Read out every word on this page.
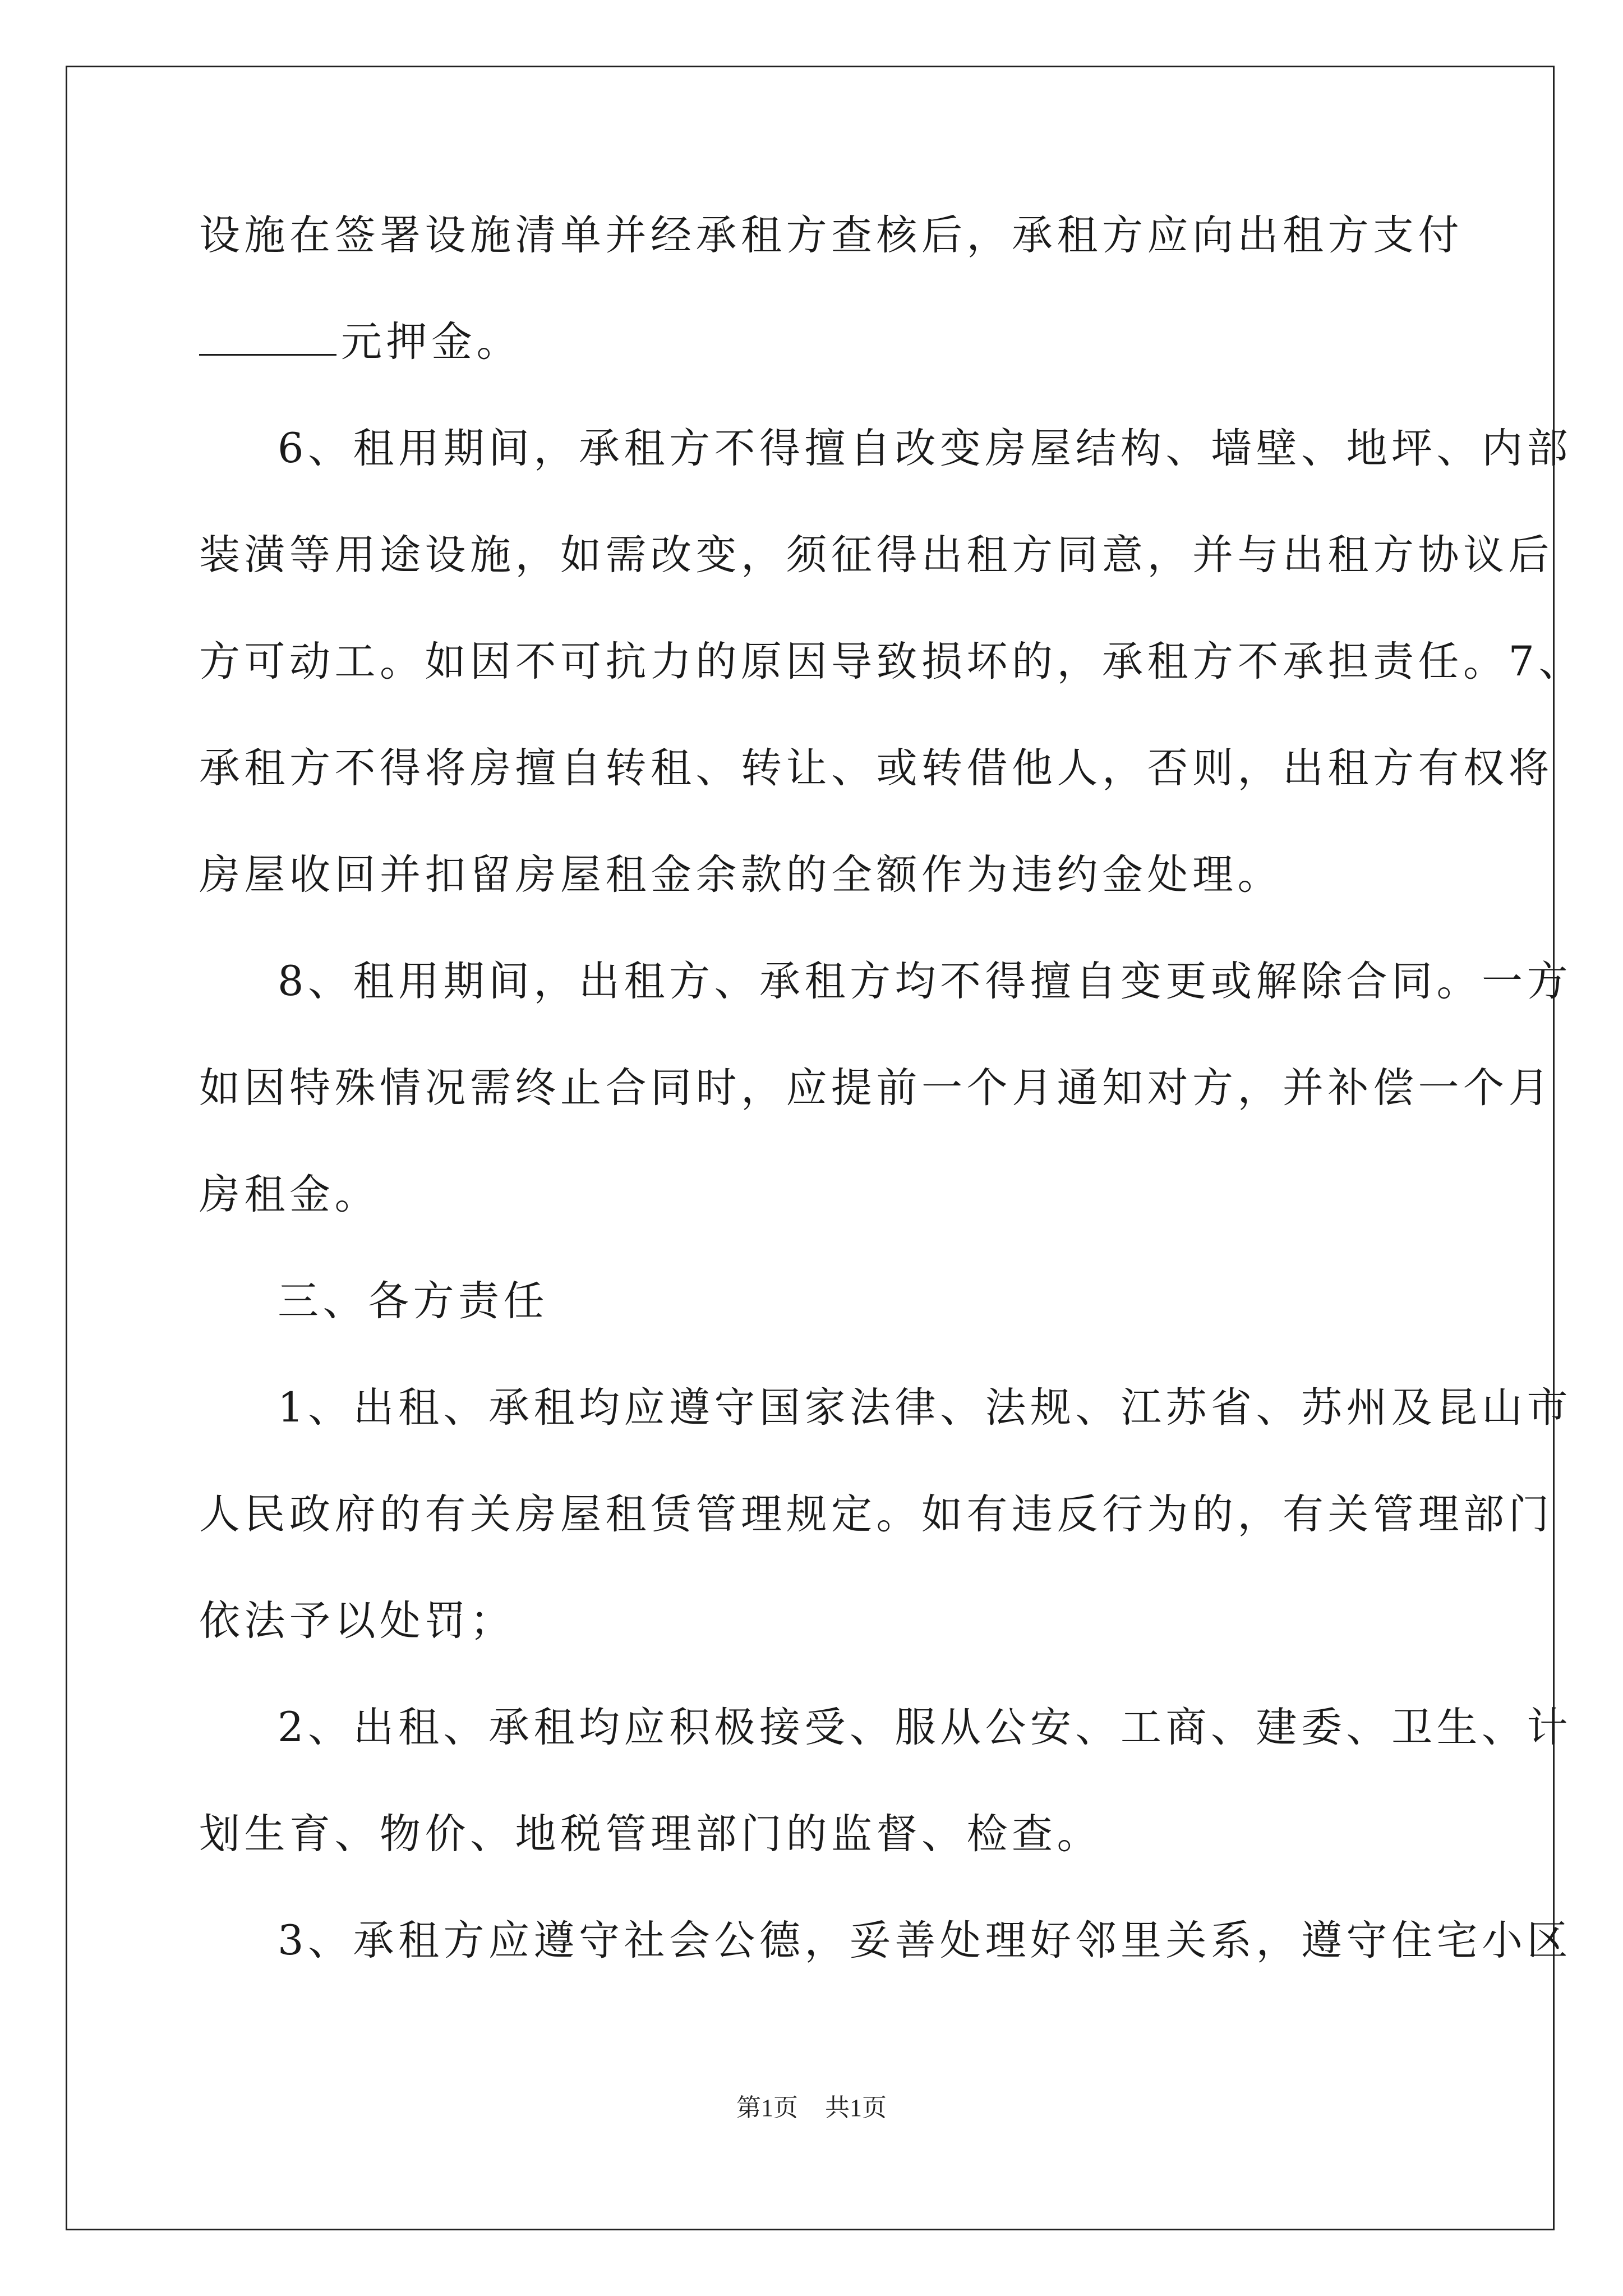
设施在签署设施清单并经承租方查核后，承租方应向出租方支付
元押金。
6、租用期间，承租方不得擅自改变房屋结构、墙壁、地坪、内部
装潢等用途设施，如需改变，须征得出租方同意，并与出租方协议后
方可动工。如因不可抗力的原因导致损坏的，承租方不承担责任。7、
承租方不得将房擅自转租、转让、或转借他人，否则，出租方有权将
房屋收回并扣留房屋租金余款的全额作为违约金处理。
8、租用期间，出租方、承租方均不得擅自变更或解除合同。一方
如因特殊情况需终止合同时，应提前一个月通知对方，并补偿一个月
房租金。
三、各方责任
1、出租、承租均应遵守国家法律、法规、江苏省、苏州及昆山市
人民政府的有关房屋租赁管理规定。如有违反行为的，有关管理部门
依法予以处罚；
2、出租、承租均应积极接受、服从公安、工商、建委、卫生、计
划生育、物价、地税管理部门的监督、检查。
3、承租方应遵守社会公德，妥善处理好邻里关系，遵守住宅小区
第1页 共1页
